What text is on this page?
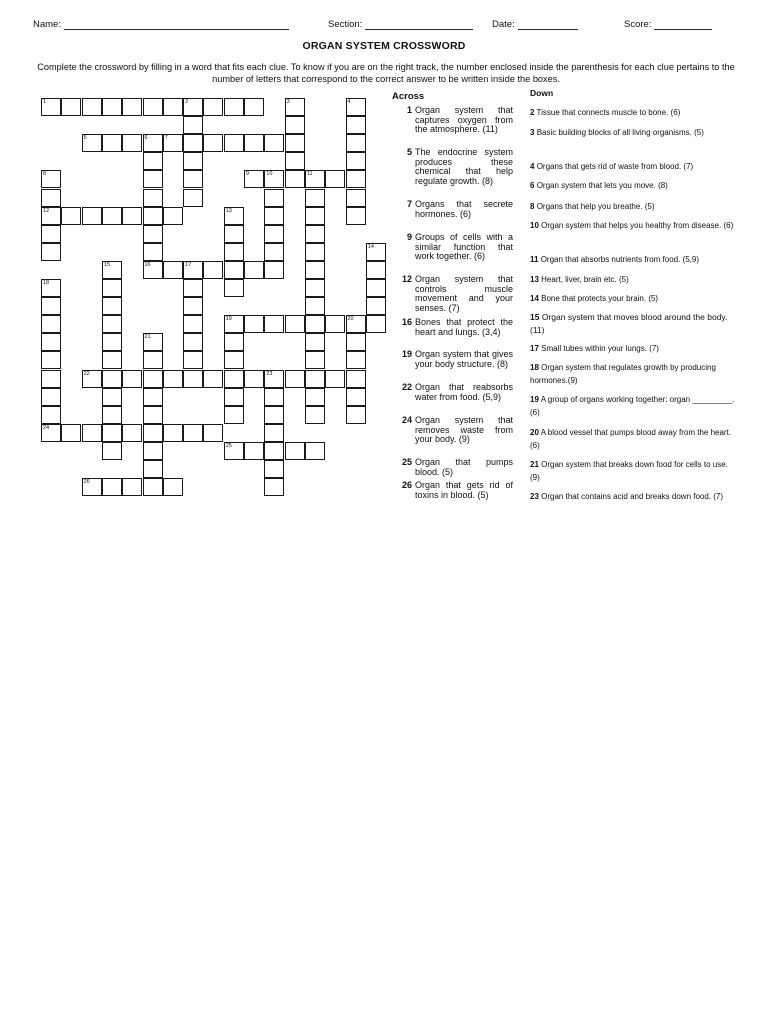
Name:	Section:	Date:	Score:
ORGAN SYSTEM CROSSWORD
Complete the crossword by filling in a word that fits each clue. To know if you are on the right track, the number enclosed inside the parenthesis for each clue pertains to the number of letters that correspond to the correct answer to be written inside the boxes.
1	2
5	6	7
9	10	11
12
16	17
19	20
22	23
24
25
26
3	4
8
13
14
15
18
21
Across
1 Organ system that captures oxygen from the atmosphere. (11)
5 The endocrine system produces these chemical that help regulate growth. (8)
7 Organs that secrete hormones. (6)
9 Groups of cells with a similar function that work together. (6)
12 Organ system that controls muscle movement and your senses. (7)
16 Bones that protect the heart and lungs. (3,4)
19 Organ system that gives your body structure. (8)
22 Organ that reabsorbs water from food. (5,9)
24 Organ system that removes waste from your body. (9)
25 Organ that pumps blood. (5)
26 Organ that gets rid of toxins in blood. (5)
Down
2 Tissue that connects muscle to bone. (6)
3 Basic building blocks of all living organisms. (5)
4 Organs that gets rid of waste from blood. (7)
6 Organ system that lets you move. (8)
8 Organs that help you breathe. (5)
10 Organ system that helps you healthy from disease. (6)
11 Organ that absorbs nutrients from food. (5,9)
13 Heart, liver, brain etc. (5)
14 Bone that protects your brain. (5)
15 Organ system that moves blood around the body. (11)
17 Small tubes within your lungs. (7)
18 Organ system that regulates growth by producing hormones.(9)
19 A group of organs working together: organ _________. (6)
20 A blood vessel that pumps blood away from the heart. (6)
21 Organ system that breaks down food for cells to use. (9)
23 Organ that contains acid and breaks down food. (7)
